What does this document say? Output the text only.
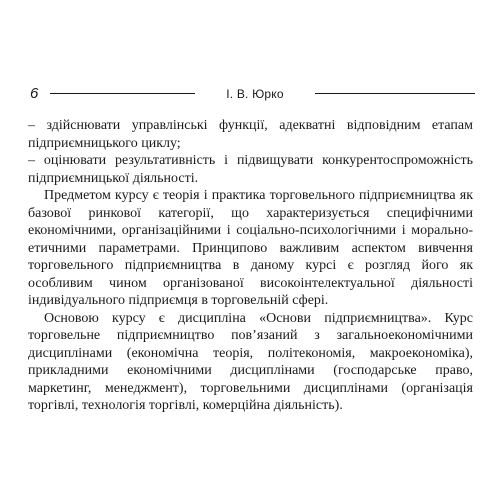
6	І. В. Юрко

– здійснювати управлінські функції, адекватні відповідним етапам підприємницького циклу;

– оцінювати результативність і підвищувати конкурентоспроможність підприємницької діяльності.

Предметом курсу є теорія і практика торговельного підприємництва як базової ринкової категорії, що характеризується специфічними економічними, організаційними і соціально-психологічними і морально-етичними параметрами. Принципово важливим аспектом вивчення торговельного підприємництва в даному курсі є розгляд його як особливим чином організованої високоінтелектуальної діяльності індивідуального підприємця в торговельній сфері.

Основою курсу є дисципліна «Основи підприємництва». Курс торговельне підприємництво пов’язаний з загальноекономічними дисциплінами (економічна теорія, політекономія, макроекономіка), прикладними економічними дисциплінами (господарське право, маркетинг, менеджмент), торговельними дисциплінами (організація торгівлі, технологія торгівлі, комерційна діяльність).
